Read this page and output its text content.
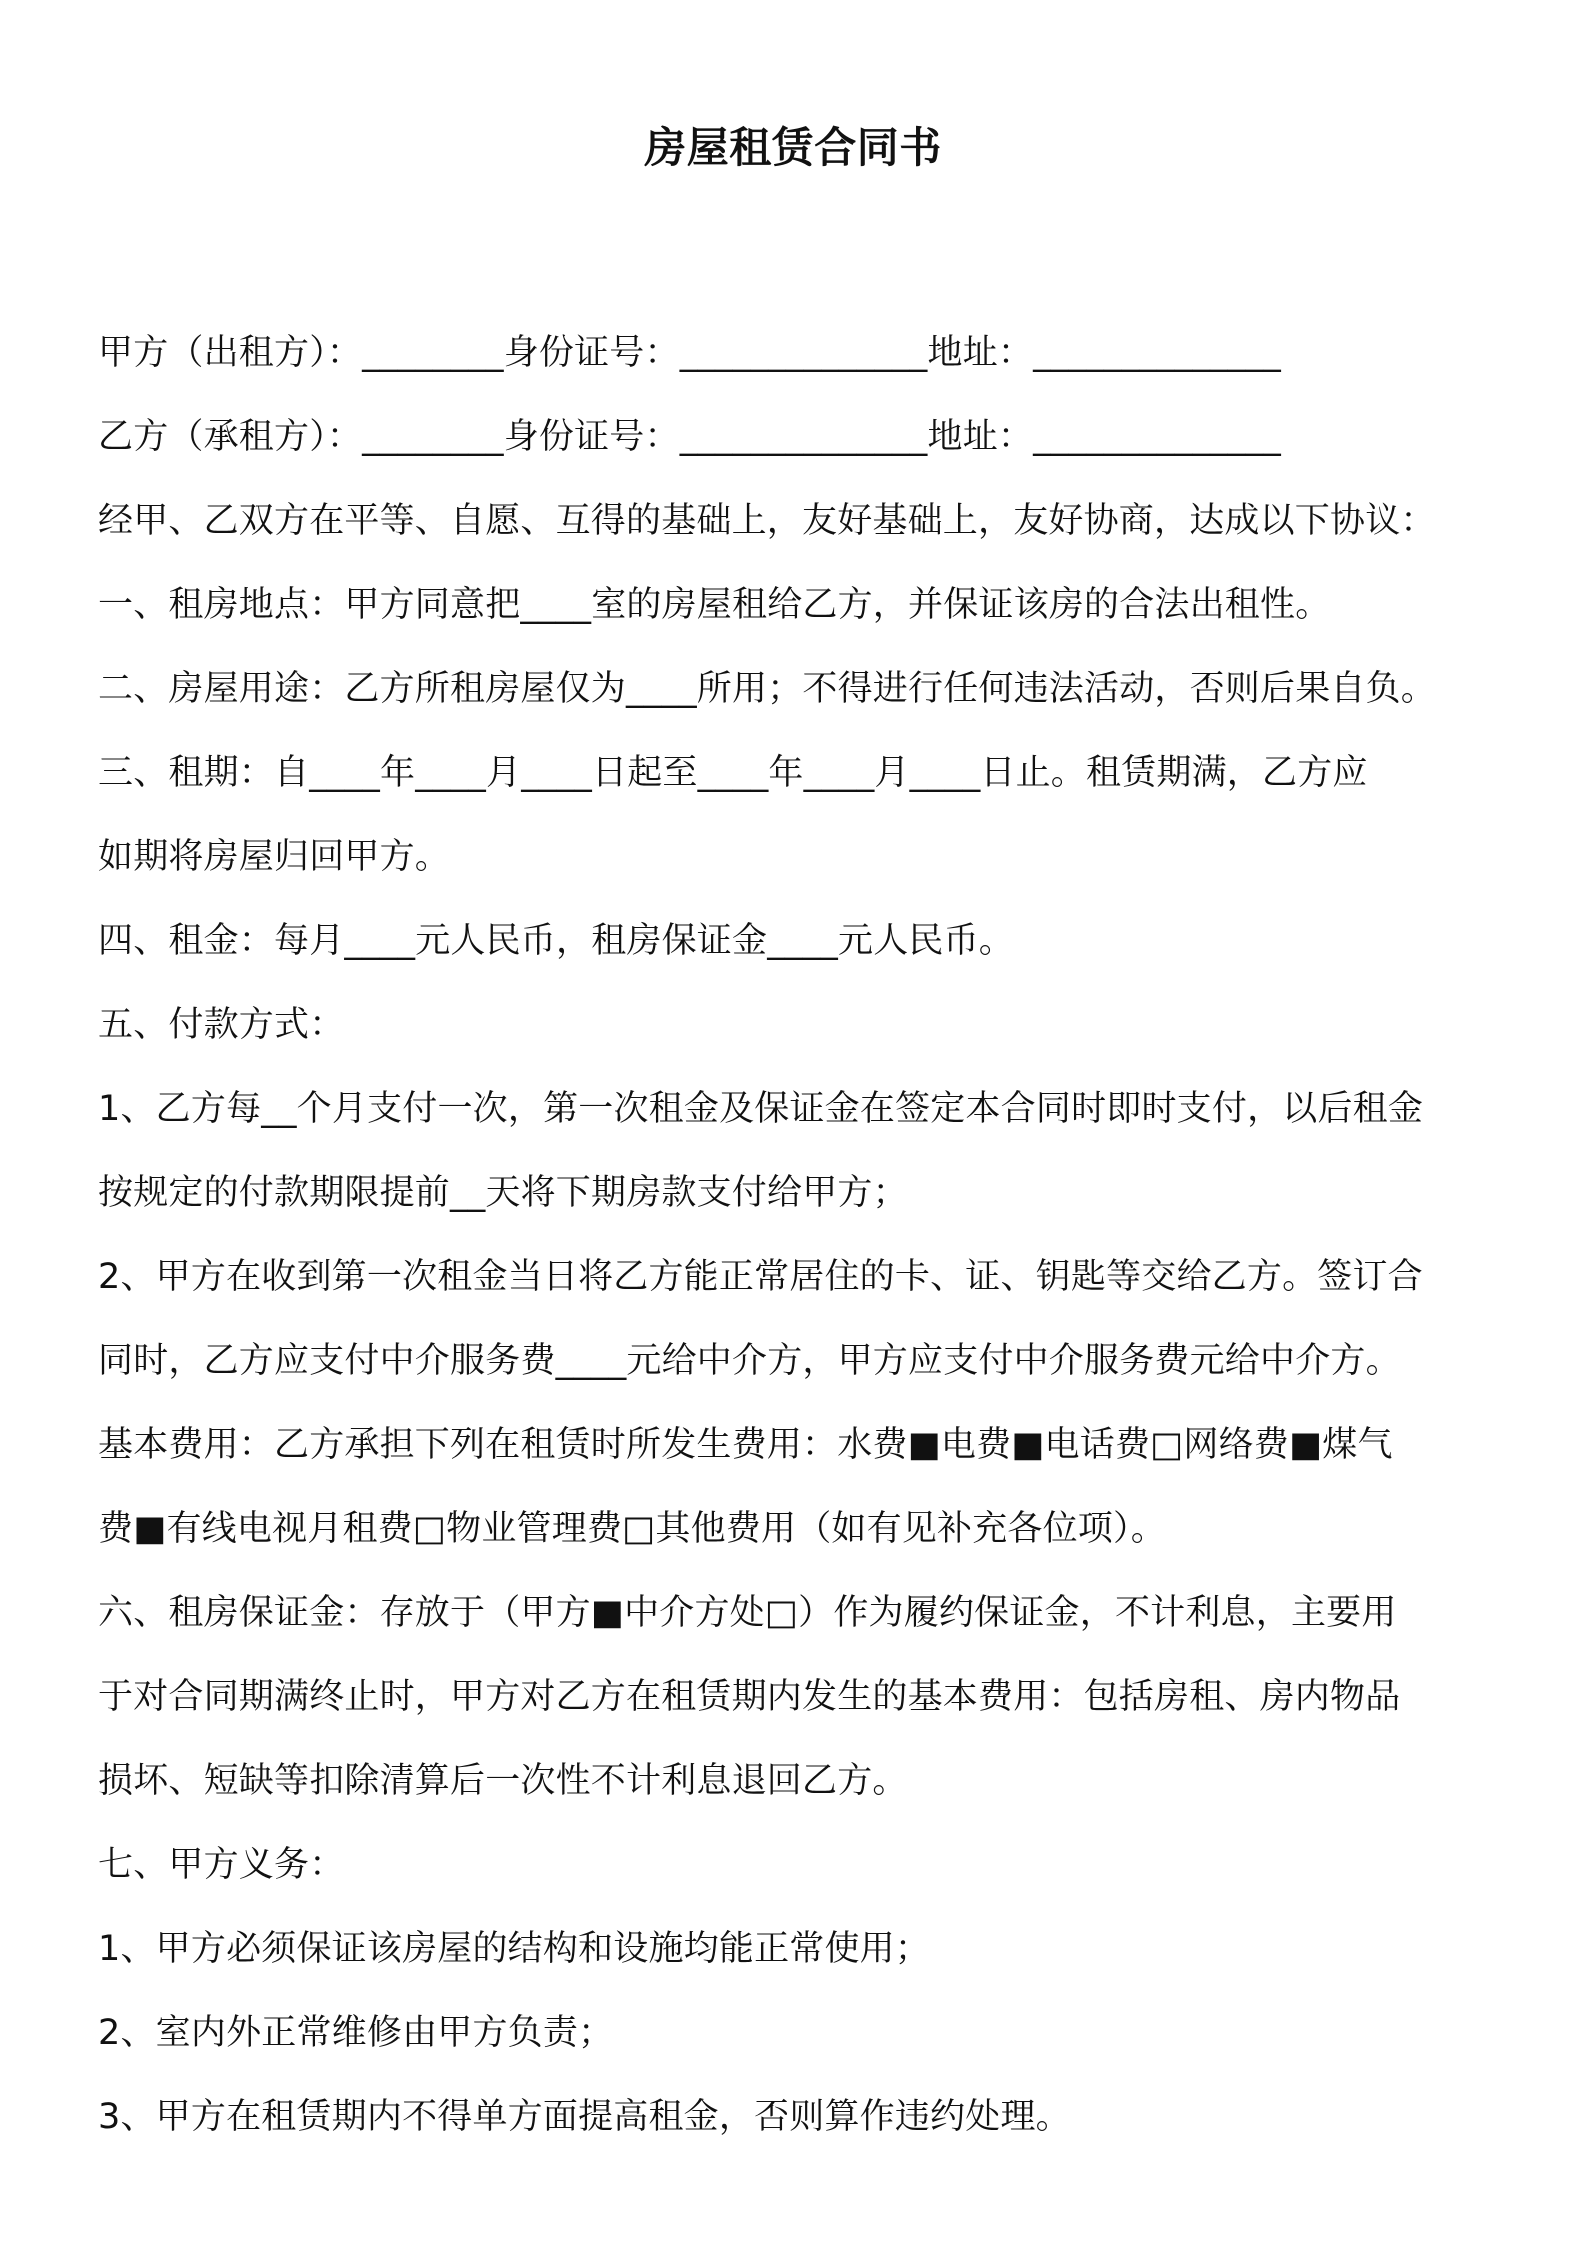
房屋租赁合同书
甲方（出租方）：________身份证号：______________地址：______________
乙方（承租方）：________身份证号：______________地址：______________
经甲、乙双方在平等、自愿、互得的基础上，友好基础上，友好协商，达成以下协议：
一、租房地点：甲方同意把____室的房屋租给乙方，并保证该房的合法出租性。
二、房屋用途：乙方所租房屋仅为____所用；不得进行任何违法活动，否则后果自负。
三、租期：自____年____月____日起至____年____月____日止。租赁期满，乙方应
如期将房屋归回甲方。
四、租金：每月____元人民币，租房保证金____元人民币。
五、付款方式：
1、乙方每__个月支付一次，第一次租金及保证金在签定本合同时即时支付，以后租金
按规定的付款期限提前__天将下期房款支付给甲方；
2、甲方在收到第一次租金当日将乙方能正常居住的卡、证、钥匙等交给乙方。签订合
同时，乙方应支付中介服务费____元给中介方，甲方应支付中介服务费元给中介方。
基本费用：乙方承担下列在租赁时所发生费用：水费■电费■电话费□网络费■煤气
费■有线电视月租费□物业管理费□其他费用（如有见补充各位项）。
六、租房保证金：存放于（甲方■中介方处□）作为履约保证金，不计利息，主要用
于对合同期满终止时，甲方对乙方在租赁期内发生的基本费用：包括房租、房内物品
损坏、短缺等扣除清算后一次性不计利息退回乙方。
七、甲方义务：
1、甲方必须保证该房屋的结构和设施均能正常使用；
2、室内外正常维修由甲方负责；
3、甲方在租赁期内不得单方面提高租金，否则算作违约处理。
